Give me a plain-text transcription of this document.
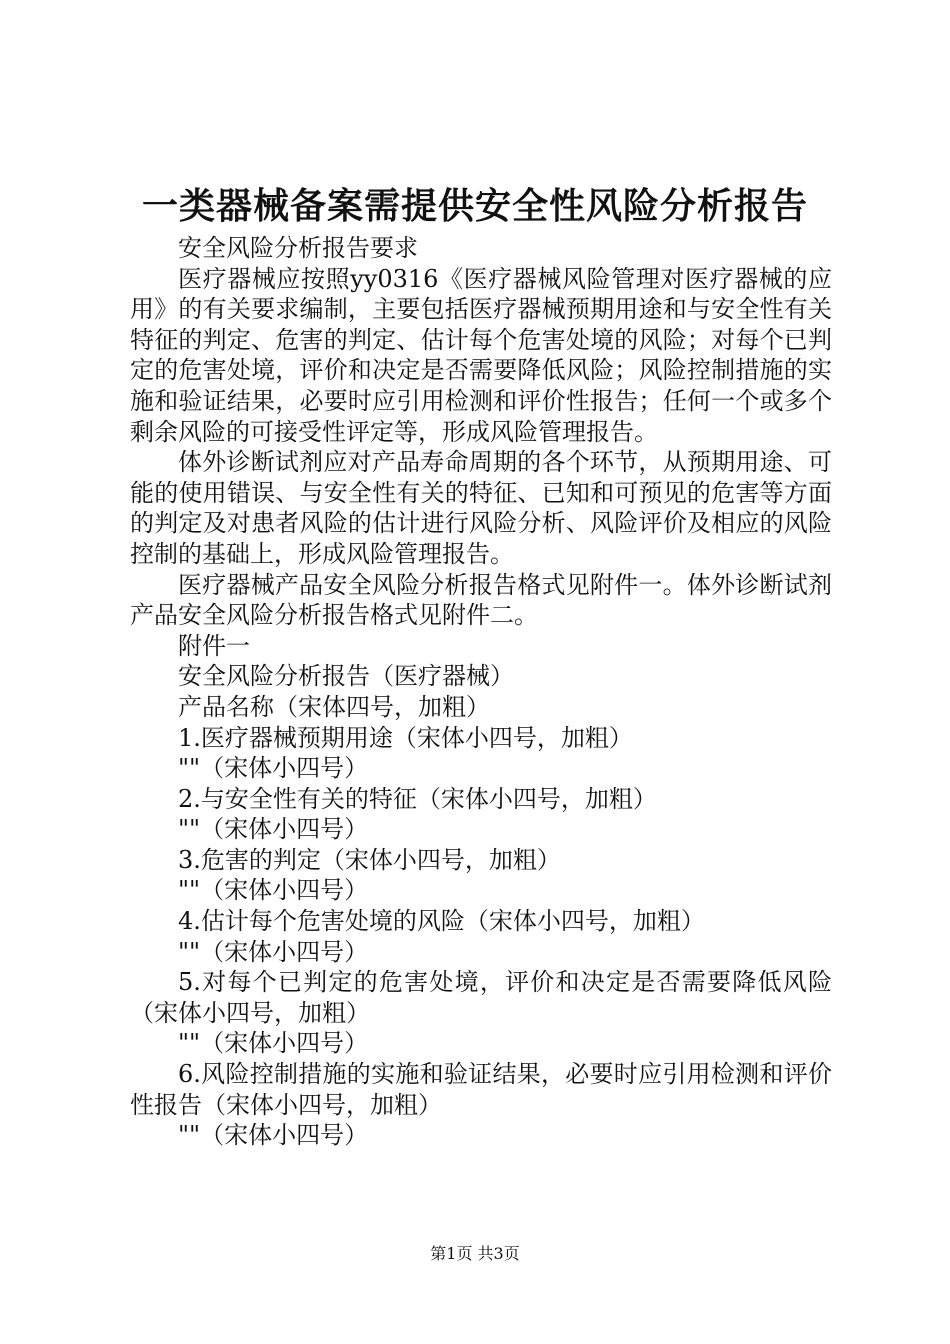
一类器械备案需提供安全性风险分析报告

安全风险分析报告要求

医疗器械应按照yy0316《医疗器械风险管理对医疗器械的应用》的有关要求编制，主要包括医疗器械预期用途和与安全性有关特征的判定、危害的判定、估计每个危害处境的风险；对每个已判定的危害处境，评价和决定是否需要降低风险；风险控制措施的实施和验证结果，必要时应引用检测和评价性报告；任何一个或多个剩余风险的可接受性评定等，形成风险管理报告。

体外诊断试剂应对产品寿命周期的各个环节，从预期用途、可能的使用错误、与安全性有关的特征、已知和可预见的危害等方面的判定及对患者风险的估计进行风险分析、风险评价及相应的风险控制的基础上，形成风险管理报告。

医疗器械产品安全风险分析报告格式见附件一。体外诊断试剂产品安全风险分析报告格式见附件二。

附件一

安全风险分析报告（医疗器械）

产品名称（宋体四号，加粗）

1.医疗器械预期用途（宋体小四号，加粗）

""（宋体小四号）

2.与安全性有关的特征（宋体小四号，加粗）

""（宋体小四号）

3.危害的判定（宋体小四号，加粗）

""（宋体小四号）

4.估计每个危害处境的风险（宋体小四号，加粗）

""（宋体小四号）

5.对每个已判定的危害处境，评价和决定是否需要降低风险（宋体小四号，加粗）

""（宋体小四号）

6.风险控制措施的实施和验证结果，必要时应引用检测和评价性报告（宋体小四号，加粗）

""（宋体小四号）

第1页 共3页
